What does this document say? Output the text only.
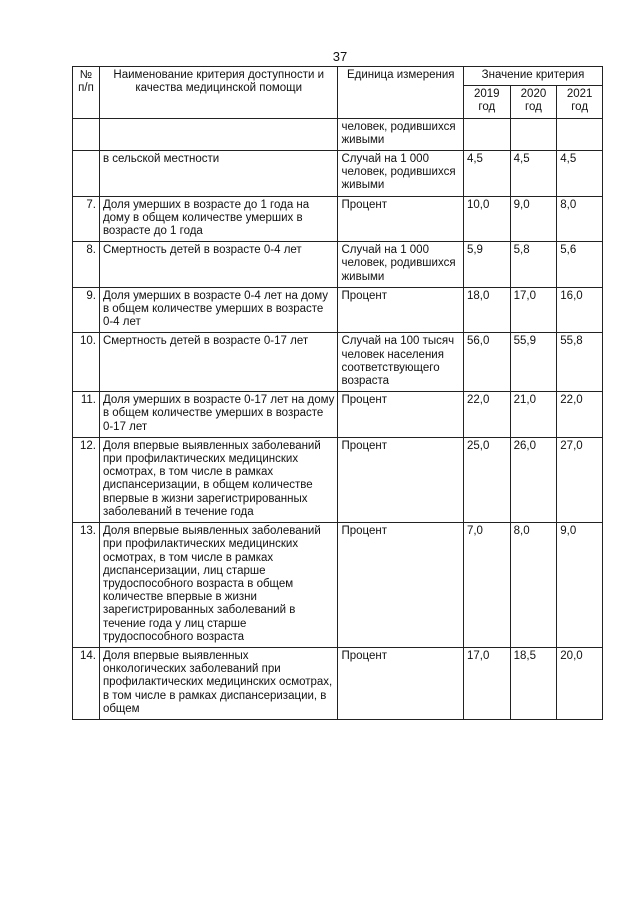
37
№ п/п	Наименование критерия доступности и качества медицинской помощи	Единица измерения	Значение критерия		
			2019 год	2020 год	2021 год
		человек, родившихся живыми			
	в сельской местности	Случай на 1 000 человек, родившихся живыми	4,5	4,5	4,5
7.	Доля умерших в возрасте до 1 года на дому в общем количестве умерших в возрасте до 1 года	Процент	10,0	9,0	8,0
8.	Смертность детей в возрасте 0-4 лет	Случай на 1 000 человек, родившихся живыми	5,9	5,8	5,6
9.	Доля умерших в возрасте 0-4 лет на дому в общем количестве умерших в возрасте 0-4 лет	Процент	18,0	17,0	16,0
10.	Смертность детей в возрасте 0-17 лет	Случай на 100 тысяч человек населения соответствующего возраста	56,0	55,9	55,8
11.	Доля умерших в возрасте 0-17 лет на дому в общем количестве умерших в возрасте 0-17 лет	Процент	22,0	21,0	22,0
12.	Доля впервые выявленных заболеваний при профилактических медицинских осмотрах, в том числе в рамках диспансеризации, в общем количестве впервые в жизни зарегистрированных заболеваний в течение года	Процент	25,0	26,0	27,0
13.	Доля впервые выявленных заболеваний при профилактических медицинских осмотрах, в том числе в рамках диспансеризации, лиц старше трудоспособного возраста в общем количестве впервые в жизни зарегистрированных заболеваний в течение года у лиц старше трудоспособного возраста	Процент	7,0	8,0	9,0
14.	Доля впервые выявленных онкологических заболеваний при профилактических медицинских осмотрах, в том числе в рамках диспансеризации, в общем	Процент	17,0	18,5	20,0
